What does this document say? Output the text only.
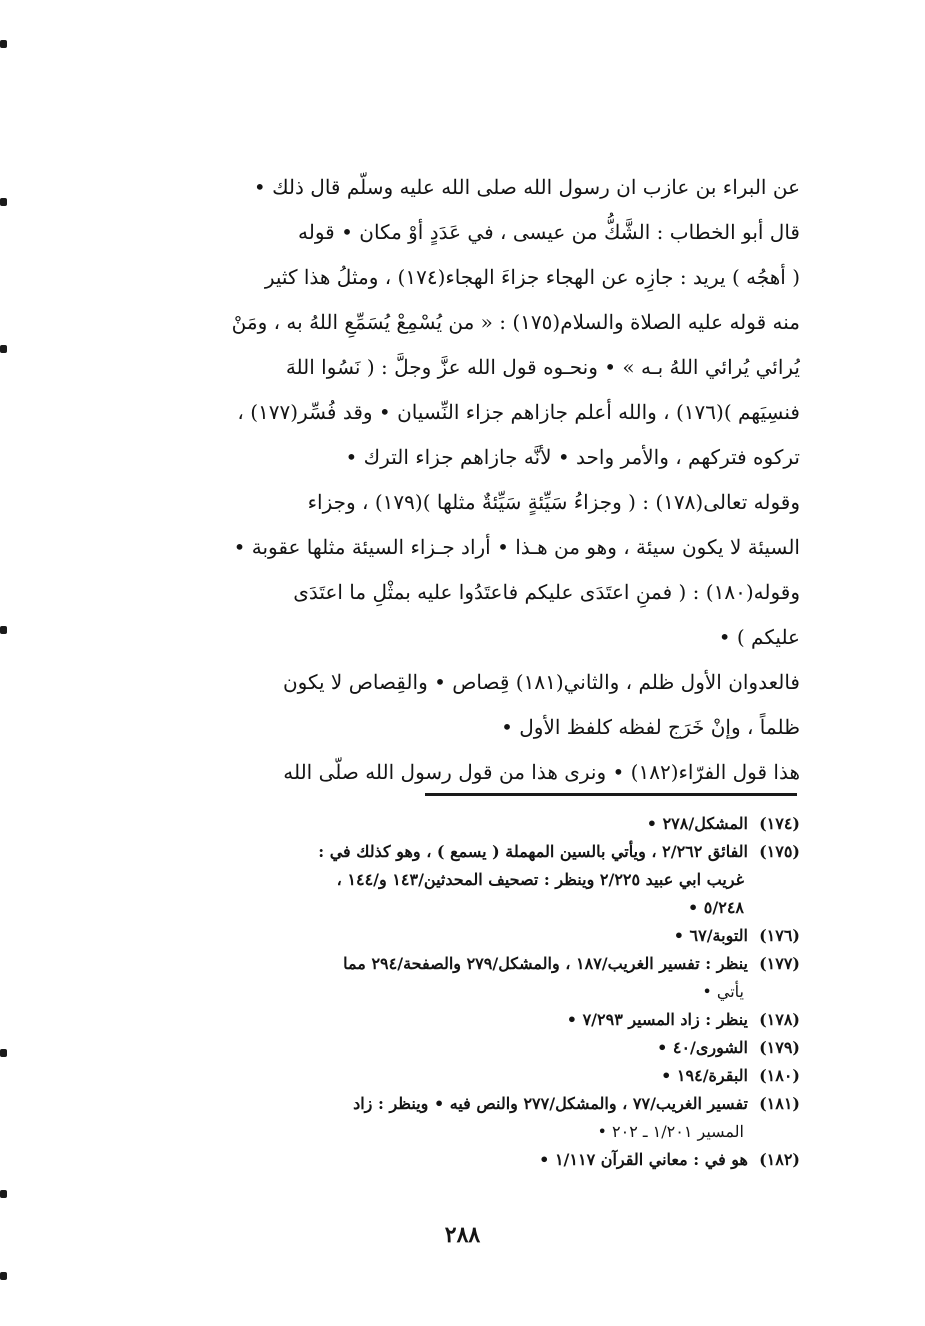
عن البراء بن عازب ان رسول الله صلى الله عليه وسلّم قال ذلك •
قال أبو الخطاب : الشَّكُّ من عيسى ، في عَدَدٍ أوْ مكان • قوله
( أهجُه ) يريد : جازِه عن الهجاء جزاءَ الهجاء(١٧٤) ، ومثلُ هذا كثير
منه قوله عليه الصلاة والسلام(١٧٥) : « من يُسْمِعْ يُسَمِّعِ اللهُ به ، ومَنْ
يُرائي يُرائي اللهُ بـه » • ونحـوه قول الله عزَّ وجلَّ : ( نَسُوا اللهَ
فنسِيَهم )(١٧٦) ، والله أعلم جازاهم جزاء النِّسيان • وقد فُسِّر(١٧٧) ،
تركوه فتركهم ، والأمر واحد • لأنَّه جازاهم جزاء الترك •
وقوله تعالى(١٧٨) : ( وجزاءُ سَيِّئةٍ سَيِّئةٌ مثلها )(١٧٩) ، وجزاء
السيئة لا يكون سيئة ، وهو من هـذا • أراد جـزاء السيئة مثلها عقوبة •
وقوله(١٨٠) : ( فمنِ اعتَدَى عليكم فاعتَدُوا عليه بمثْلِ ما اعتَدَى
عليكم ) •
فالعدوان الأول ظلم ، والثاني(١٨١) قِصاص • والقِصاص لا يكون
ظلماً ، وإنْ خَرَج لفظه كلفظ الأول •
هذا قول الفرّاء(١٨٢) • ونرى هذا من قول رسول الله صلّى الله
(١٧٤)المشكل/٢٧٨ •
(١٧٥)الفائق ٢/٢٦٢ ، ويأتي بالسين المهملة ( يسمع ) ، وهو كذلك في :
غريب ابي عبيد ٢/٢٢٥ وينظر : تصحيف المحدثين/١٤٣ و/١٤٤ ،
٥/٢٤٨ •
(١٧٦)التوبة/٦٧ •
(١٧٧)ينظر : تفسير الغريب/١٨٧ ، والمشكل/٢٧٩ والصفحة/٢٩٤ مما
يأتي •
(١٧٨)ينظر : زاد المسير ٧/٢٩٣ •
(١٧٩)الشورى/٤٠ •
(١٨٠)البقرة/١٩٤ •
(١٨١)تفسير الغريب/٧٧ ، والمشكل/٢٧٧ والنص فيه • وينظر : زاد
المسير ١/٢٠١ ـ ٢٠٢ •
(١٨٢)هو في : معاني القرآن ١/١١٧ •
٢٨٨
